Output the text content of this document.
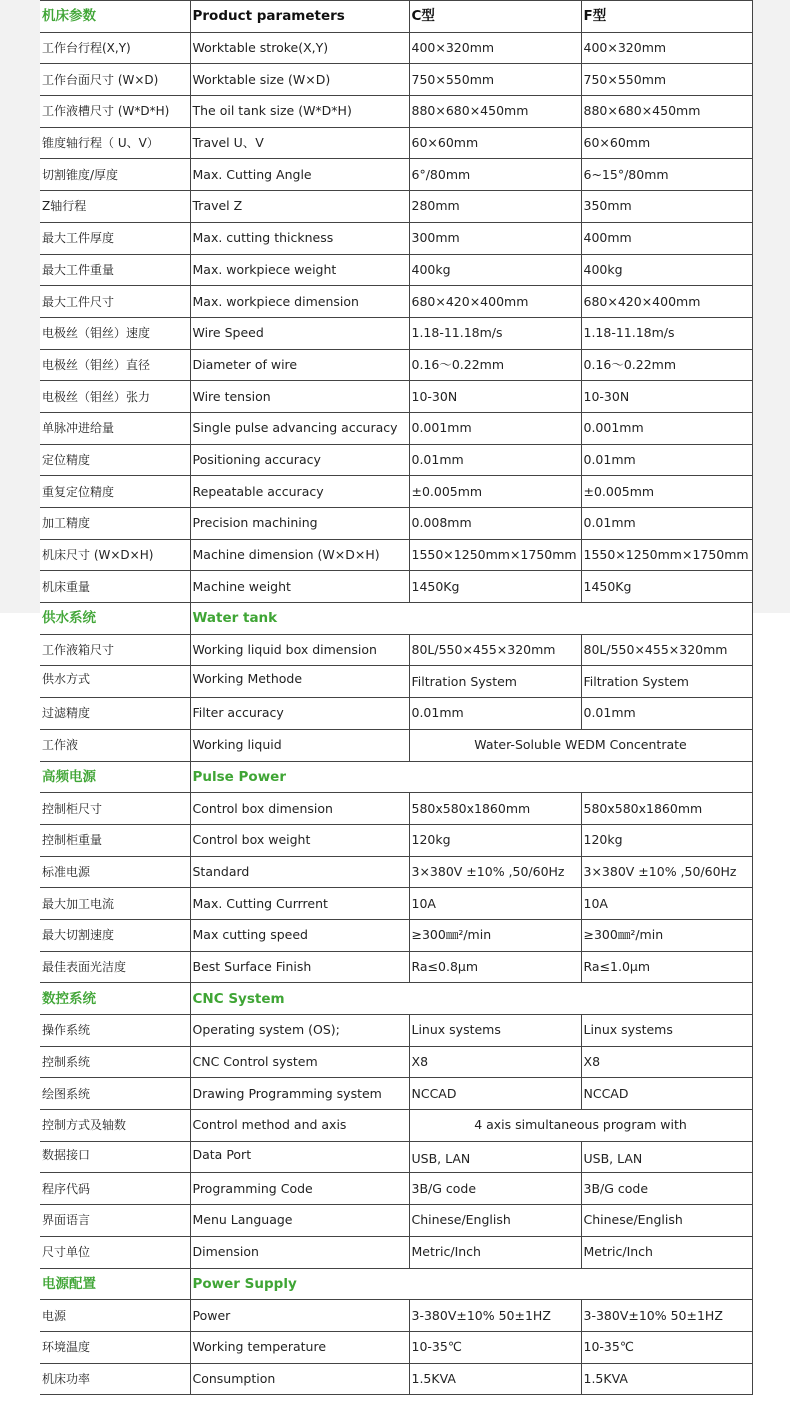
机床参数	Product parameters	C型	F型
工作台行程(X,Y)	Worktable stroke(X,Y)	400×320mm	400×320mm
工作台面尺寸 (W×D)	Worktable size (W×D)	750×550mm	750×550mm
工作液槽尺寸 (W*D*H)	The oil tank size (W*D*H)	880×680×450mm	880×680×450mm
锥度轴行程（ U、V）	Travel U、V	60×60mm	60×60mm
切割锥度/厚度	Max. Cutting Angle	6°/80mm	6~15°/80mm
Z轴行程	Travel Z	280mm	350mm
最大工件厚度	Max. cutting thickness	300mm	400mm
最大工件重量	Max. workpiece weight	400kg	400kg
最大工件尺寸	Max. workpiece dimension	680×420×400mm	680×420×400mm
电极丝（钼丝）速度	Wire Speed	1.18-11.18m/s	1.18-11.18m/s
电极丝（钼丝）直径	Diameter of wire	0.16～0.22mm	0.16～0.22mm
电极丝（钼丝）张力	Wire tension	10-30N	10-30N
单脉冲进给量	Single pulse advancing accuracy	0.001mm	0.001mm
定位精度	Positioning accuracy	0.01mm	0.01mm
重复定位精度	Repeatable accuracy	±0.005mm	±0.005mm
加工精度	Precision machining	0.008mm	0.01mm
机床尺寸 (W×D×H)	Machine dimension (W×D×H)	1550×1250mm×1750mm	1550×1250mm×1750mm
机床重量	Machine weight	1450Kg	1450Kg
供水系统	Water tank		
工作液箱尺寸	Working liquid box dimension	80L/550×455×320mm	80L/550×455×320mm
供水方式	Working Methode	Filtration System	Filtration System
过滤精度	Filter accuracy	0.01mm	0.01mm
工作液	Working liquid	Water-Soluble WEDM Concentrate	
高频电源	Pulse Power		
控制柜尺寸	Control box dimension	580x580x1860mm	580x580x1860mm
控制柜重量	Control box weight	120kg	120kg
标准电源	Standard	3×380V ±10% ,50/60Hz	3×380V ±10% ,50/60Hz
最大加工电流	Max. Cutting Currrent	10A	10A
最大切割速度	Max cutting speed	≥300㎜²/min	≥300㎜²/min
最佳表面光洁度	Best Surface Finish	Ra≤0.8μm	Ra≤1.0μm
数控系统	CNC System		
操作系统	Operating system (OS);	Linux systems	Linux systems
控制系统	CNC Control system	X8	X8
绘图系统	Drawing Programming system	NCCAD	NCCAD
控制方式及轴数	Control method and axis	4 axis simultaneous program with	
数据接口	Data Port	USB, LAN	USB, LAN
程序代码	Programming Code	3B/G code	3B/G code
界面语言	Menu Language	Chinese/English	Chinese/English
尺寸单位	Dimension	Metric/Inch	Metric/Inch
电源配置	Power Supply		
电源	Power	3-380V±10% 50±1HZ	3-380V±10% 50±1HZ
环境温度	Working temperature	10-35℃	10-35℃
机床功率	Consumption	1.5KVA	1.5KVA
